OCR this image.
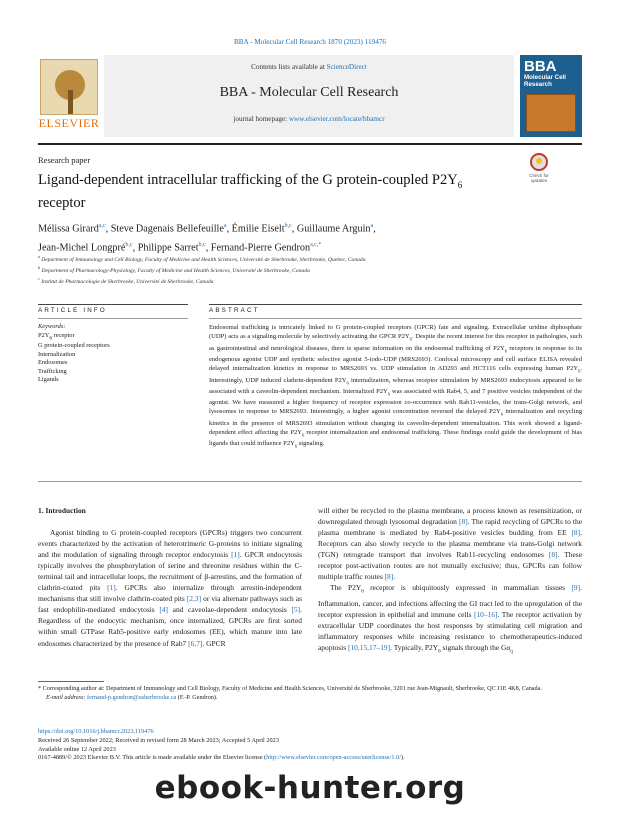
BBA - Molecular Cell Research 1870 (2023) 119476
ELSEVIER
Contents lists available at ScienceDirect
BBA - Molecular Cell Research
journal homepage: www.elsevier.com/locate/bbamcr
BBA
Molecular Cell Research
Research paper
Check for updates
Ligand-dependent intracellular trafficking of the G protein-coupled $P2Y_6$ receptor
Mélissa Girard$^{a,c}$, Steve Dagenais Bellefeuille$^a$, Émilie Eiselt$^{b,c}$, Guillaume Arguin$^a$,
Jean-Michel Longpré$^{b,c}$, Philippe Sarret$^{b,c}$, Fernand-Pierre Gendron$^{a,c,*}$
$^a$ Department of Immunology and Cell Biology, Faculty of Medicine and Health Sciences, Université de Sherbrooke, Sherbrooke, Quebec, Canada
$^b$ Department of Pharmacology-Physiology, Faculty of Medicine and Health Sciences, Université de Sherbrooke, Canada
$^c$ Institut de Pharmacologie de Sherbrooke, Université de Sherbrooke, Canada
ARTICLE INFO	ABSTRACT
Keywords:
$P2Y_6$ receptor
G protein-coupled receptors
Internalization
Endosomes
Trafficking
Ligands
Endosomal trafficking is intricately linked to G protein-coupled receptors (GPCR) fate and signaling. Extracellular uridine diphosphate (UDP) acts as a signaling molecule by selectively activating the GPCR $P2Y_6$. Despite the recent interest for this receptor in pathologies, such as gastrointestinal and neurological diseases, there is sparse information on the endosomal trafficking of $P2Y_6$ receptors in response to its endogenous agonist UDP and synthetic selective agonist 5-iodo-UDP (MRS2693). Confocal microscopy and cell surface ELISA revealed delayed internalization kinetics in response to MRS2693 vs. UDP stimulation in AD293 and HCT116 cells expressing human $P2Y_6$. Interestingly, UDP induced clathrin-dependent $P2Y_6$ internalization, whereas receptor stimulation by MRS2693 endocytosis appeared to be associated with a caveolin-dependent mechanism. Internalized $P2Y_6$ was associated with Rab4, 5, and 7 positive vesicles independent of the agonist. We have measured a higher frequency of receptor expression co-occurrence with Rab11-vesicles, the trans-Golgi network, and lysosomes in response to MRS2693. Interestingly, a higher agonist concentration reversed the delayed $P2Y_6$ internalization and recycling kinetics in the presence of MRS2693 stimulation without changing its caveolin-dependent internalization. This work showed a ligand-dependent effect affecting the $P2Y_6$ receptor internalization and endosomal trafficking. These findings could guide the development of bias ligands that could influence $P2Y_6$ signaling.
1. Introduction

Agonist binding to G protein-coupled receptors (GPCRs) triggers two concurrent events characterized by the activation of heterotrimeric G-proteins to initiate signaling and the modulation of signaling through receptor endocytosis [1]. GPCR endocytosis typically involves the phosphorylation of serine and threonine residues within the C-terminal tail and intracellular loops, the recruitment of β-arrestins, and the formation of clathrin-coated pits [1]. GPCRs also internalize through arrestin-independent mechanisms that still involve clathrin-coated pits [2,3] or via alternate pathways such as fast endophilin-mediated endocytosis [4] and caveolae-dependent endocytosis [5]. Regardless of the endocytic mechanism, once internalized, GPCRs are first sorted within small GTPase Rab5-positive early endosomes (EE), which mature into late endosomes characterized by the presence of Rab7 [6,7]. GPCR

will either be recycled to the plasma membrane, a process known as resensitization, or downregulated through lysosomal degradation [8]. The rapid recycling of GPCRs to the plasma membrane is mediated by Rab4-positive vesicles budding from EE [8]. Receptors can also slowly recycle to the plasma membrane via trans-Golgi network (TGN) retrograde transport that involves Rab11-recycling endosomes [8]. These receptor post-activation routes are not mutually exclusive; thus, GPCRs can follow multiple traffic routes [8].

The $P2Y_6$ receptor is ubiquitously expressed in mammalian tissues [9]. Inflammation, cancer, and infections affecting the GI tract led to the upregulation of the receptor expression in epithelial and immune cells [10–16]. The receptor activation by extracellular UDP coordinates the host responses by stimulating cell migration and inflammatory responses while increasing resistance to chemotherapeutics-induced apoptosis [10,15,17–19]. Typically, $P2Y_6$ signals through the $G\alpha_q$

* Corresponding author at: Department of Immunology and Cell Biology, Faculty of Medicine and Health Sciences, Université de Sherbrooke, 3201 rue Jean-Mignault, Sherbrooke, QC J1E 4K8, Canada.
E-mail address: fernand-p.gendron@usherbrooke.ca (F.-P. Gendron).
https://doi.org/10.1016/j.bbamcr.2023.119476
Received 26 September 2022; Received in revised form 28 March 2023; Accepted 5 April 2023
Available online 12 April 2023
0167-4889/© 2023 Elsevier B.V. This article is made available under the Elsevier license (http://www.elsevier.com/open-access/userlicense/1.0/).
ebook-hunter.org
